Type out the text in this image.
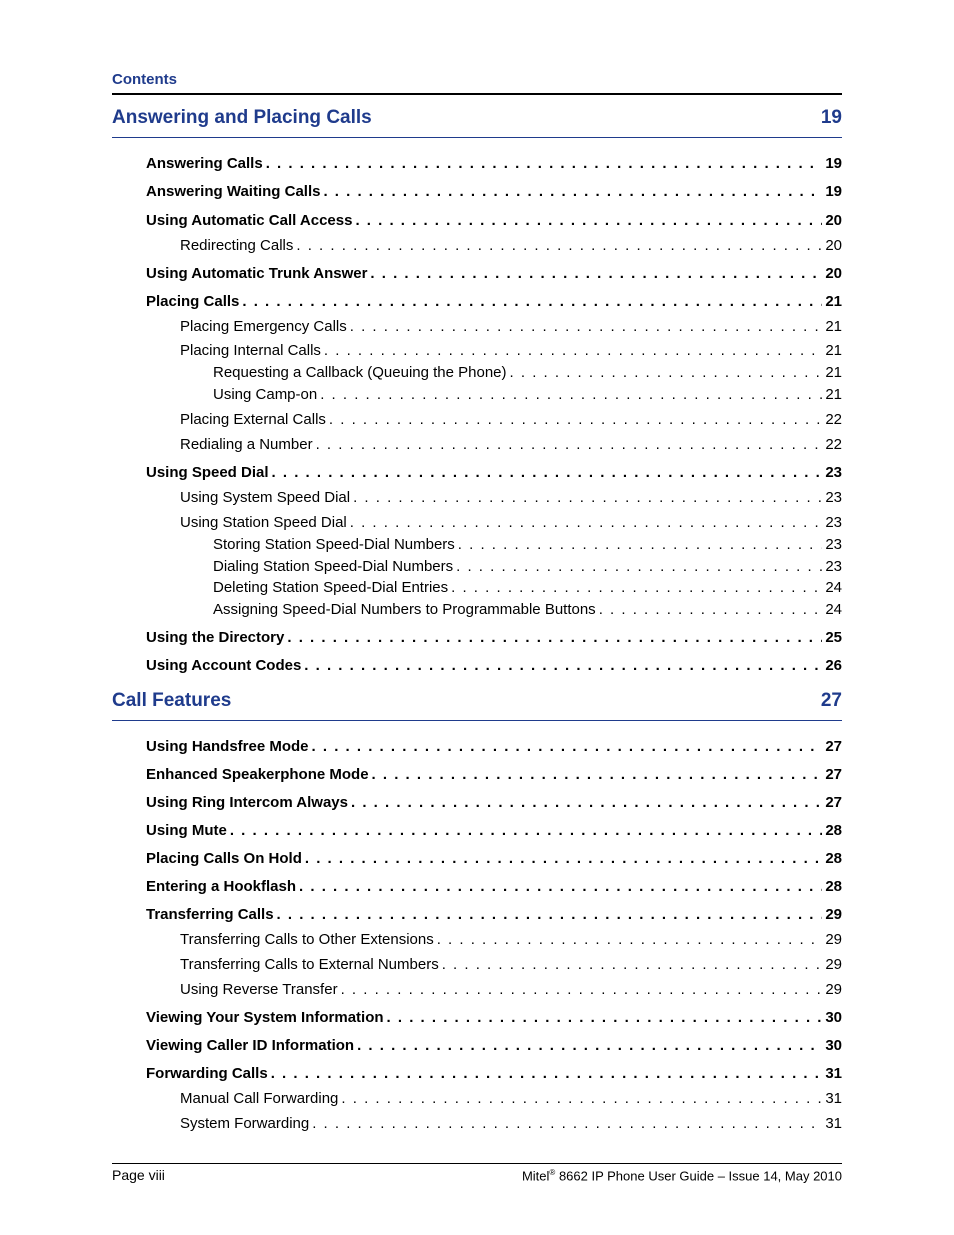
Contents
Answering and Placing Calls	19
Answering Calls . . .	19
Answering Waiting Calls . . .	19
Using Automatic Call Access . . .	20
Redirecting Calls . . .	20
Using Automatic Trunk Answer . . .	20
Placing Calls . . .	21
Placing Emergency Calls . . .	21
Placing Internal Calls . . .	21
Requesting a Callback (Queuing the Phone) . . .	21
Using Camp-on . . .	21
Placing External Calls . . .	22
Redialing a Number . . .	22
Using Speed Dial . . .	23
Using System Speed Dial . . .	23
Using Station Speed Dial . . .	23
Storing Station Speed-Dial Numbers . . .	23
Dialing Station Speed-Dial Numbers . . .	23
Deleting Station Speed-Dial Entries . . .	24
Assigning Speed-Dial Numbers to Programmable Buttons . . .	24
Using the Directory . . .	25
Using Account Codes . . .	26
Call Features	27
Using Handsfree Mode . . .	27
Enhanced Speakerphone Mode . . .	27
Using Ring Intercom Always . . .	27
Using Mute . . .	28
Placing Calls On Hold . . .	28
Entering a Hookflash . . .	28
Transferring Calls . . .	29
Transferring Calls to Other Extensions . . .	29
Transferring Calls to External Numbers . . .	29
Using Reverse Transfer . . .	29
Viewing Your System Information . . .	30
Viewing Caller ID Information . . .	30
Forwarding Calls . . .	31
Manual Call Forwarding . . .	31
System Forwarding . . .	31
Page viii	Mitel® 8662 IP Phone User Guide – Issue 14, May 2010
